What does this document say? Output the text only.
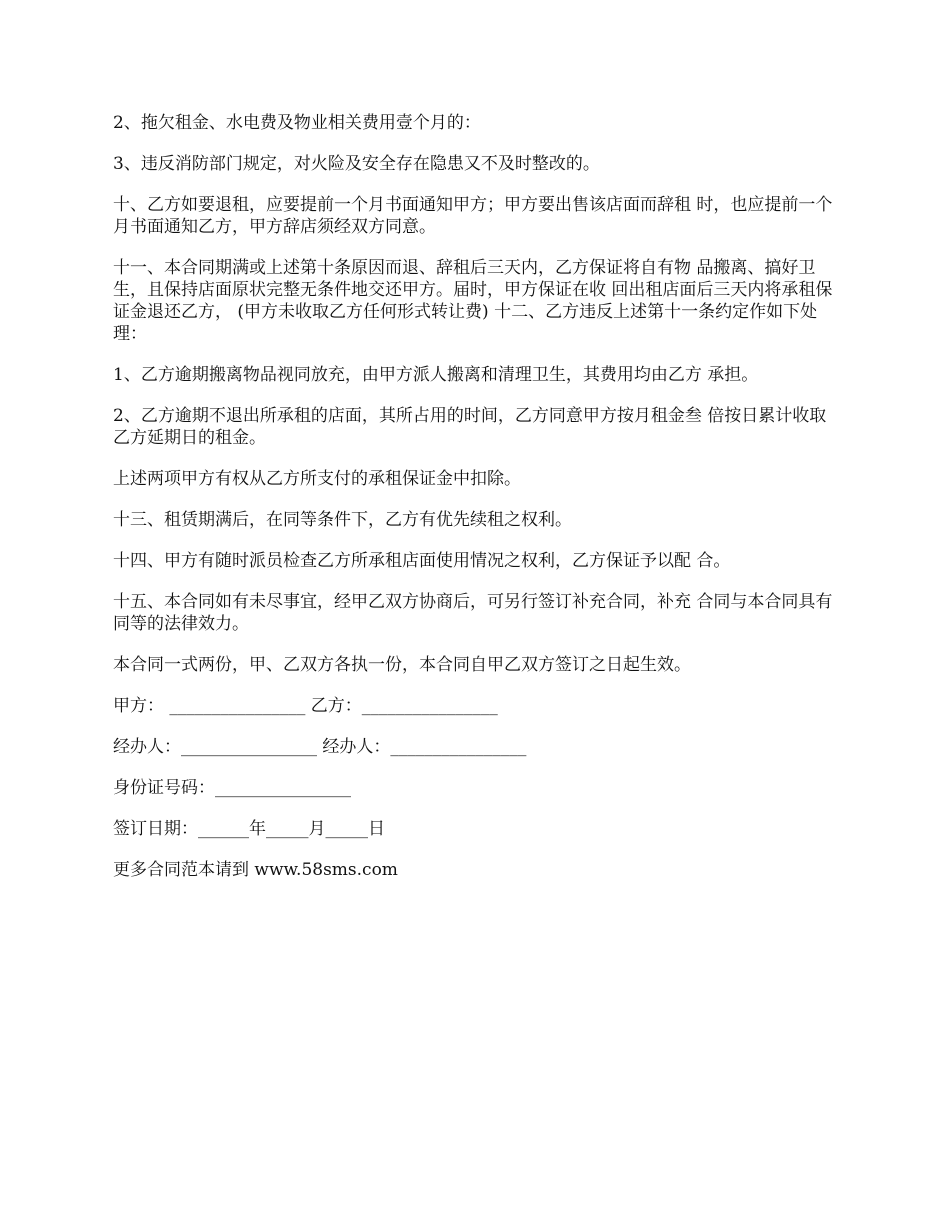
2、拖欠租金、水电费及物业相关费用壹个月的：

3、违反消防部门规定，对火险及安全存在隐患又不及时整改的。

十、乙方如要退租，应要提前一个月书面通知甲方；甲方要出售该店面而辞租 时，也应提前一个月书面通知乙方，甲方辞店须经双方同意。

十一、本合同期满或上述第十条原因而退、辞租后三天内，乙方保证将自有物 品搬离、搞好卫生，且保持店面原状完整无条件地交还甲方。届时，甲方保证在收 回出租店面后三天内将承租保证金退还乙方， (甲方未收取乙方任何形式转让费) 十二、乙方违反上述第十一条约定作如下处理：

1、乙方逾期搬离物品视同放充，由甲方派人搬离和清理卫生，其费用均由乙方 承担。

2、乙方逾期不退出所承租的店面，其所占用的时间，乙方同意甲方按月租金叁 倍按日累计收取乙方延期日的租金。

上述两项甲方有权从乙方所支付的承租保证金中扣除。

十三、租赁期满后，在同等条件下，乙方有优先续租之权利。

十四、甲方有随时派员检查乙方所承租店面使用情况之权利，乙方保证予以配 合。

十五、本合同如有未尽事宜，经甲乙双方协商后，可另行签订补充合同，补充 合同与本合同具有同等的法律效力。

本合同一式两份，甲、乙双方各执一份，本合同自甲乙双方签订之日起生效。

甲方： ________________ 乙方：________________

经办人：________________ 经办人：________________

身份证号码：________________

签订日期：______年_____月_____日

更多合同范本请到 www.58sms.com
